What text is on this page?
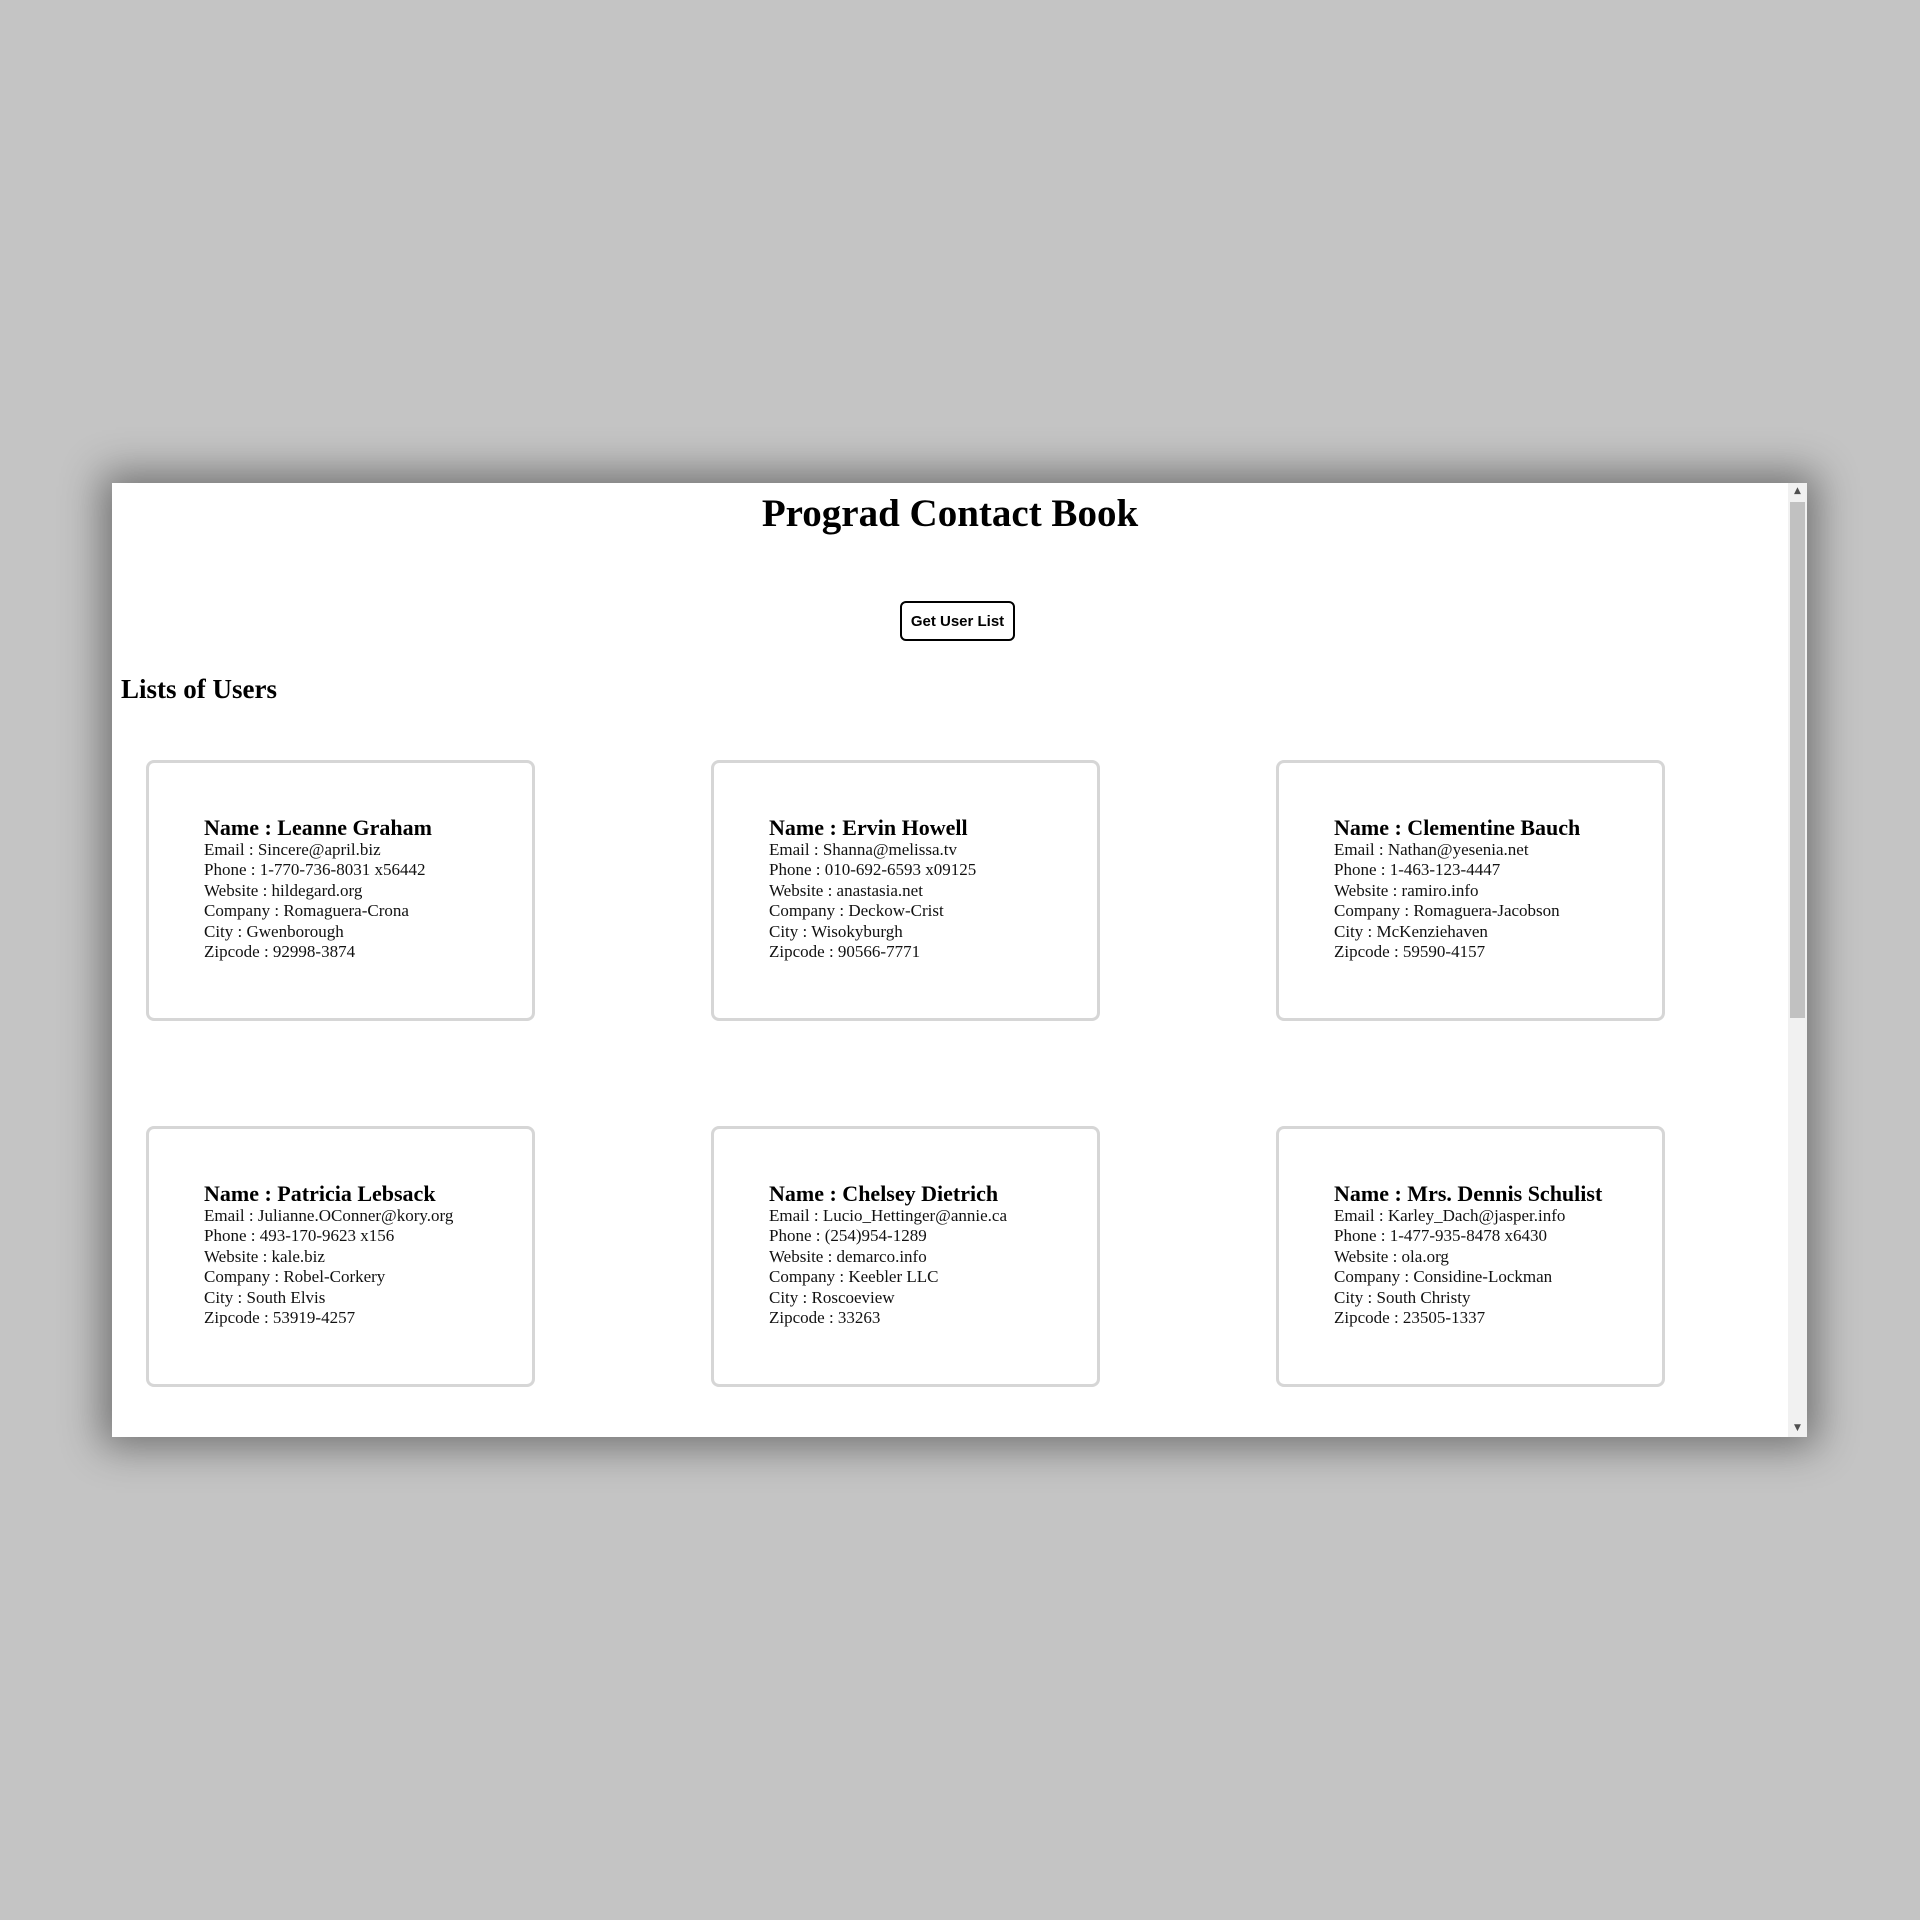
Prograd Contact Book
Get User List
Lists of Users
Name : Leanne Graham
Email : Sincere@april.biz
Phone : 1-770-736-8031 x56442
Website : hildegard.org
Company : Romaguera-Crona
City : Gwenborough
Zipcode : 92998-3874
Name : Ervin Howell
Email : Shanna@melissa.tv
Phone : 010-692-6593 x09125
Website : anastasia.net
Company : Deckow-Crist
City : Wisokyburgh
Zipcode : 90566-7771
Name : Clementine Bauch
Email : Nathan@yesenia.net
Phone : 1-463-123-4447
Website : ramiro.info
Company : Romaguera-Jacobson
City : McKenziehaven
Zipcode : 59590-4157
Name : Patricia Lebsack
Email : Julianne.OConner@kory.org
Phone : 493-170-9623 x156
Website : kale.biz
Company : Robel-Corkery
City : South Elvis
Zipcode : 53919-4257
Name : Chelsey Dietrich
Email : Lucio_Hettinger@annie.ca
Phone : (254)954-1289
Website : demarco.info
Company : Keebler LLC
City : Roscoeview
Zipcode : 33263
Name : Mrs. Dennis Schulist
Email : Karley_Dach@jasper.info
Phone : 1-477-935-8478 x6430
Website : ola.org
Company : Considine-Lockman
City : South Christy
Zipcode : 23505-1337
▲
▼
